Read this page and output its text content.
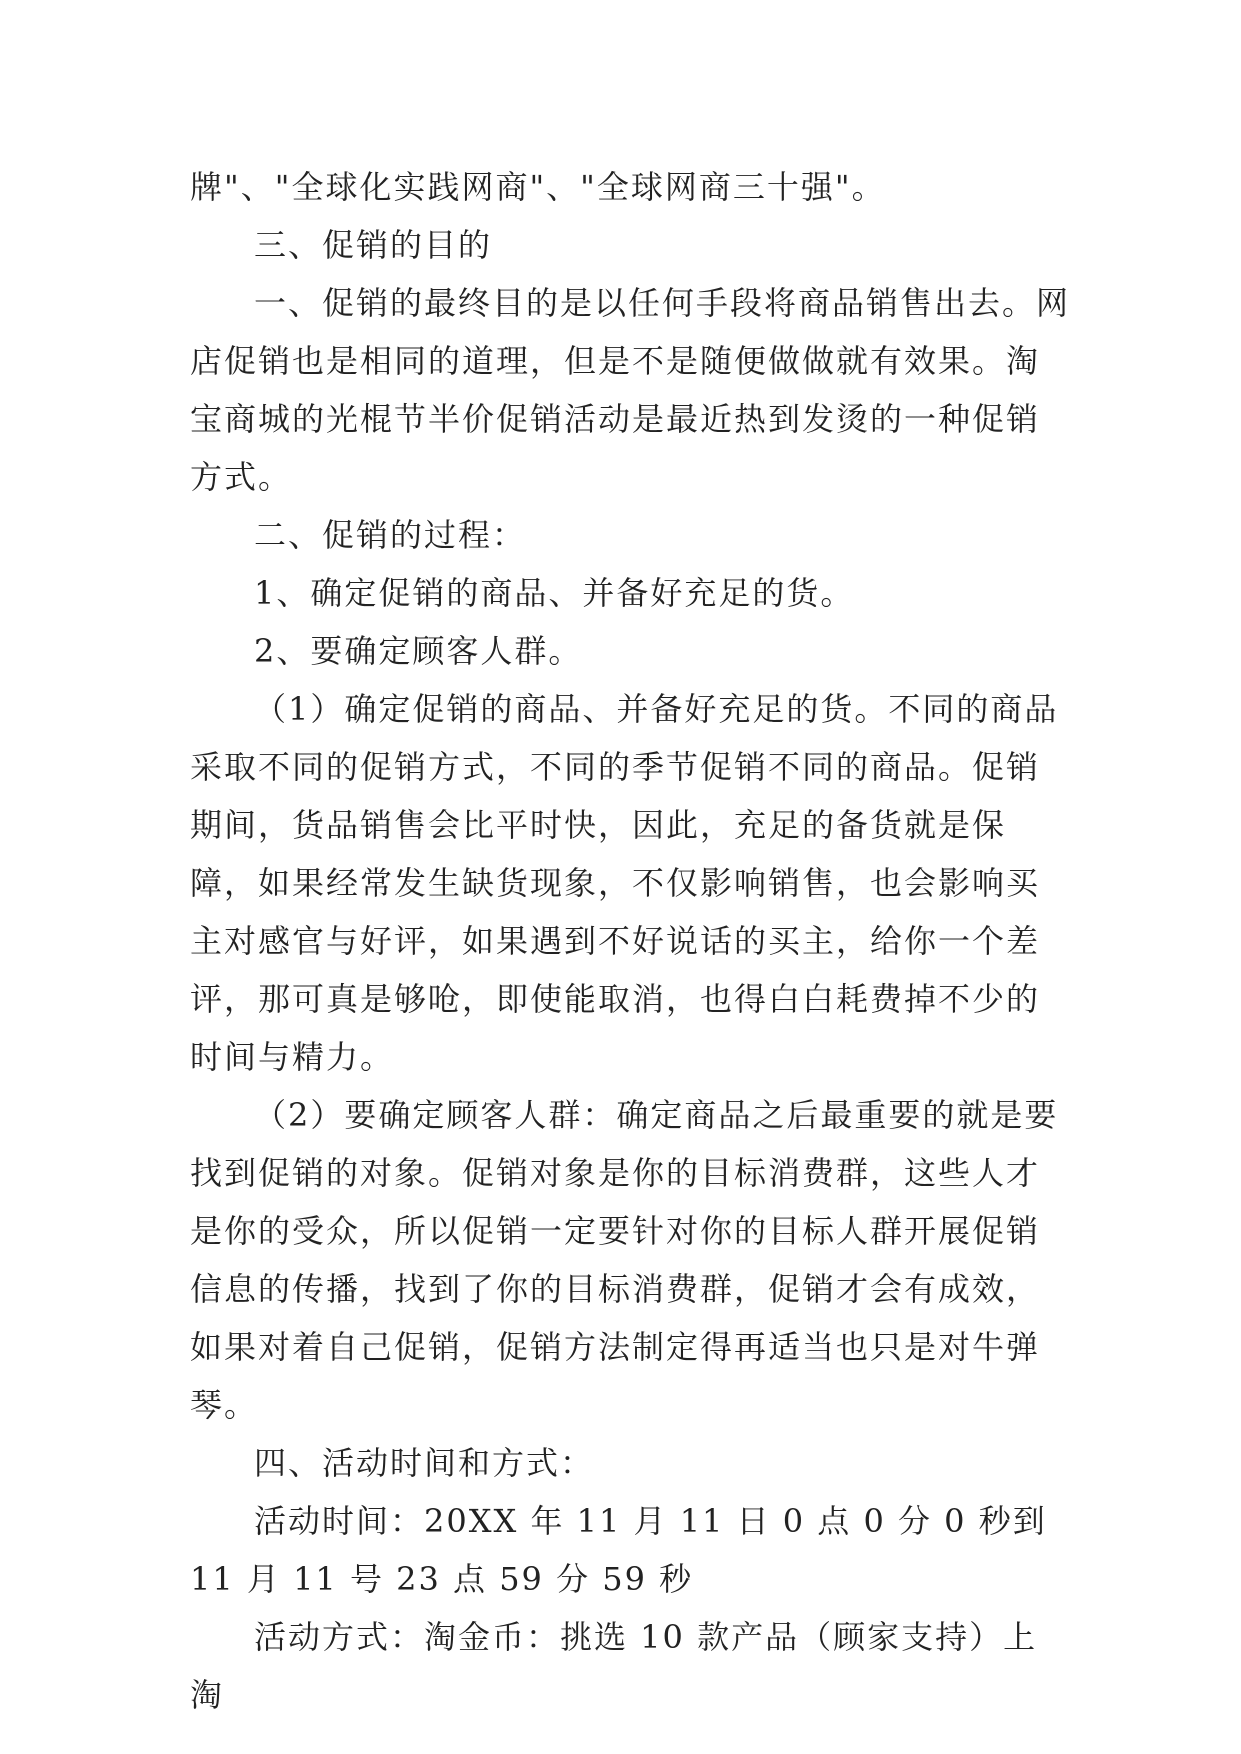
牌"、"全球化实践网商"、"全球网商三十强"。

三、促销的目的

一、促销的最终目的是以任何手段将商品销售出去。网店促销也是相同的道理，但是不是随便做做就有效果。淘宝商城的光棍节半价促销活动是最近热到发烫的一种促销方式。

二、促销的过程：

1、确定促销的商品、并备好充足的货。

2、要确定顾客人群。

（1）确定促销的商品、并备好充足的货。不同的商品采取不同的促销方式，不同的季节促销不同的商品。促销期间，货品销售会比平时快，因此，充足的备货就是保障，如果经常发生缺货现象，不仅影响销售，也会影响买主对感官与好评，如果遇到不好说话的买主，给你一个差评，那可真是够呛，即使能取消，也得白白耗费掉不少的时间与精力。

（2）要确定顾客人群：确定商品之后最重要的就是要找到促销的对象。促销对象是你的目标消费群，这些人才是你的受众，所以促销一定要针对你的目标人群开展促销信息的传播，找到了你的目标消费群，促销才会有成效，如果对着自己促销，促销方法制定得再适当也只是对牛弹琴。

四、活动时间和方式：

活动时间：20XX 年 11 月 11 日 0 点 0 分 0 秒到 11 月 11 号 23 点 59 分 59 秒

活动方式：淘金币：挑选 10 款产品（顾家支持）上淘
